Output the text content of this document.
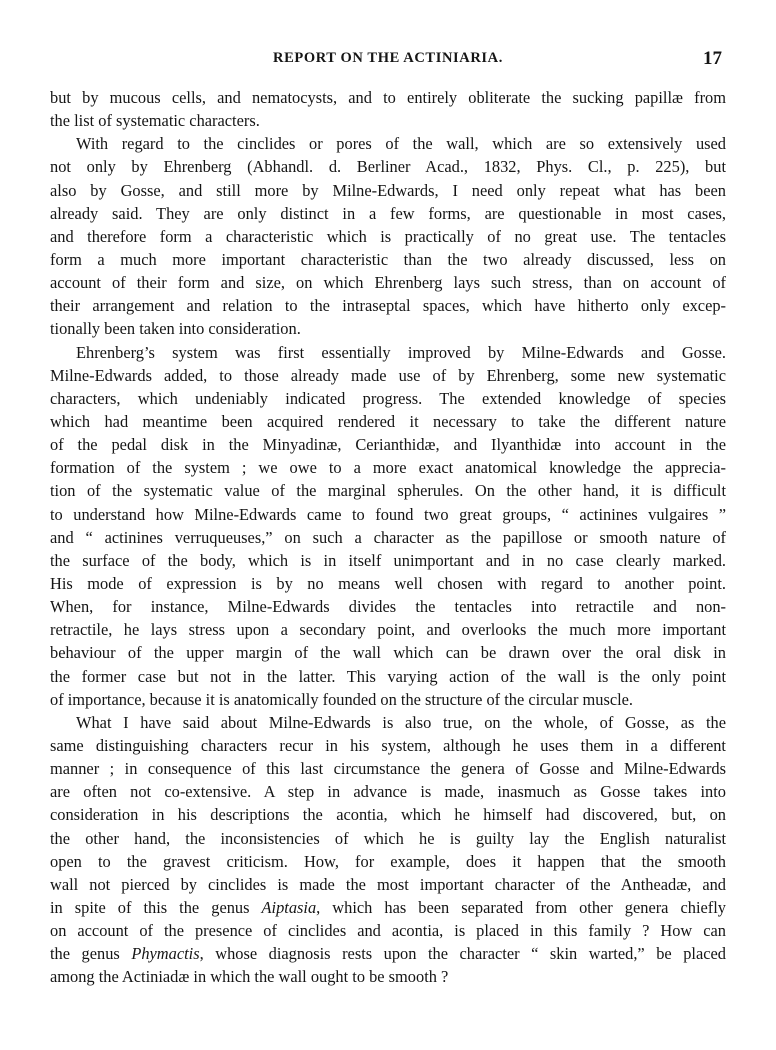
REPORT ON THE ACTINIARIA.	17
but by mucous cells, and nematocysts, and to entirely obliterate the sucking papillæ from
the list of systematic characters.
With regard to the cinclides or pores of the wall, which are so extensively used
not only by Ehrenberg (Abhandl. d. Berliner Acad., 1832, Phys. Cl., p. 225), but
also by Gosse, and still more by Milne-Edwards, I need only repeat what has been
already said. They are only distinct in a few forms, are questionable in most cases,
and therefore form a characteristic which is practically of no great use. The tentacles
form a much more important characteristic than the two already discussed, less on
account of their form and size, on which Ehrenberg lays such stress, than on account of
their arrangement and relation to the intraseptal spaces, which have hitherto only excep-
tionally been taken into consideration.
Ehrenberg’s system was first essentially improved by Milne-Edwards and Gosse.
Milne-Edwards added, to those already made use of by Ehrenberg, some new systematic
characters, which undeniably indicated progress. The extended knowledge of species
which had meantime been acquired rendered it necessary to take the different nature
of the pedal disk in the Minyadinæ, Cerianthidæ, and Ilyanthidæ into account in the
formation of the system ; we owe to a more exact anatomical knowledge the apprecia-
tion of the systematic value of the marginal spherules. On the other hand, it is difficult
to understand how Milne-Edwards came to found two great groups, “ actinines vulgaires ”
and “ actinines verruqueuses,” on such a character as the papillose or smooth nature of
the surface of the body, which is in itself unimportant and in no case clearly marked.
His mode of expression is by no means well chosen with regard to another point.
When, for instance, Milne-Edwards divides the tentacles into retractile and non-
retractile, he lays stress upon a secondary point, and overlooks the much more important
behaviour of the upper margin of the wall which can be drawn over the oral disk in
the former case but not in the latter. This varying action of the wall is the only point
of importance, because it is anatomically founded on the structure of the circular muscle.
What I have said about Milne-Edwards is also true, on the whole, of Gosse, as the
same distinguishing characters recur in his system, although he uses them in a different
manner ; in consequence of this last circumstance the genera of Gosse and Milne-Edwards
are often not co-extensive. A step in advance is made, inasmuch as Gosse takes into
consideration in his descriptions the acontia, which he himself had discovered, but, on
the other hand, the inconsistencies of which he is guilty lay the English naturalist
open to the gravest criticism. How, for example, does it happen that the smooth
wall not pierced by cinclides is made the most important character of the Antheadæ, and
in spite of this the genus Aiptasia, which has been separated from other genera chiefly
on account of the presence of cinclides and acontia, is placed in this family ? How can
the genus Phymactis, whose diagnosis rests upon the character “ skin warted,” be placed
among the Actiniadæ in which the wall ought to be smooth ?
